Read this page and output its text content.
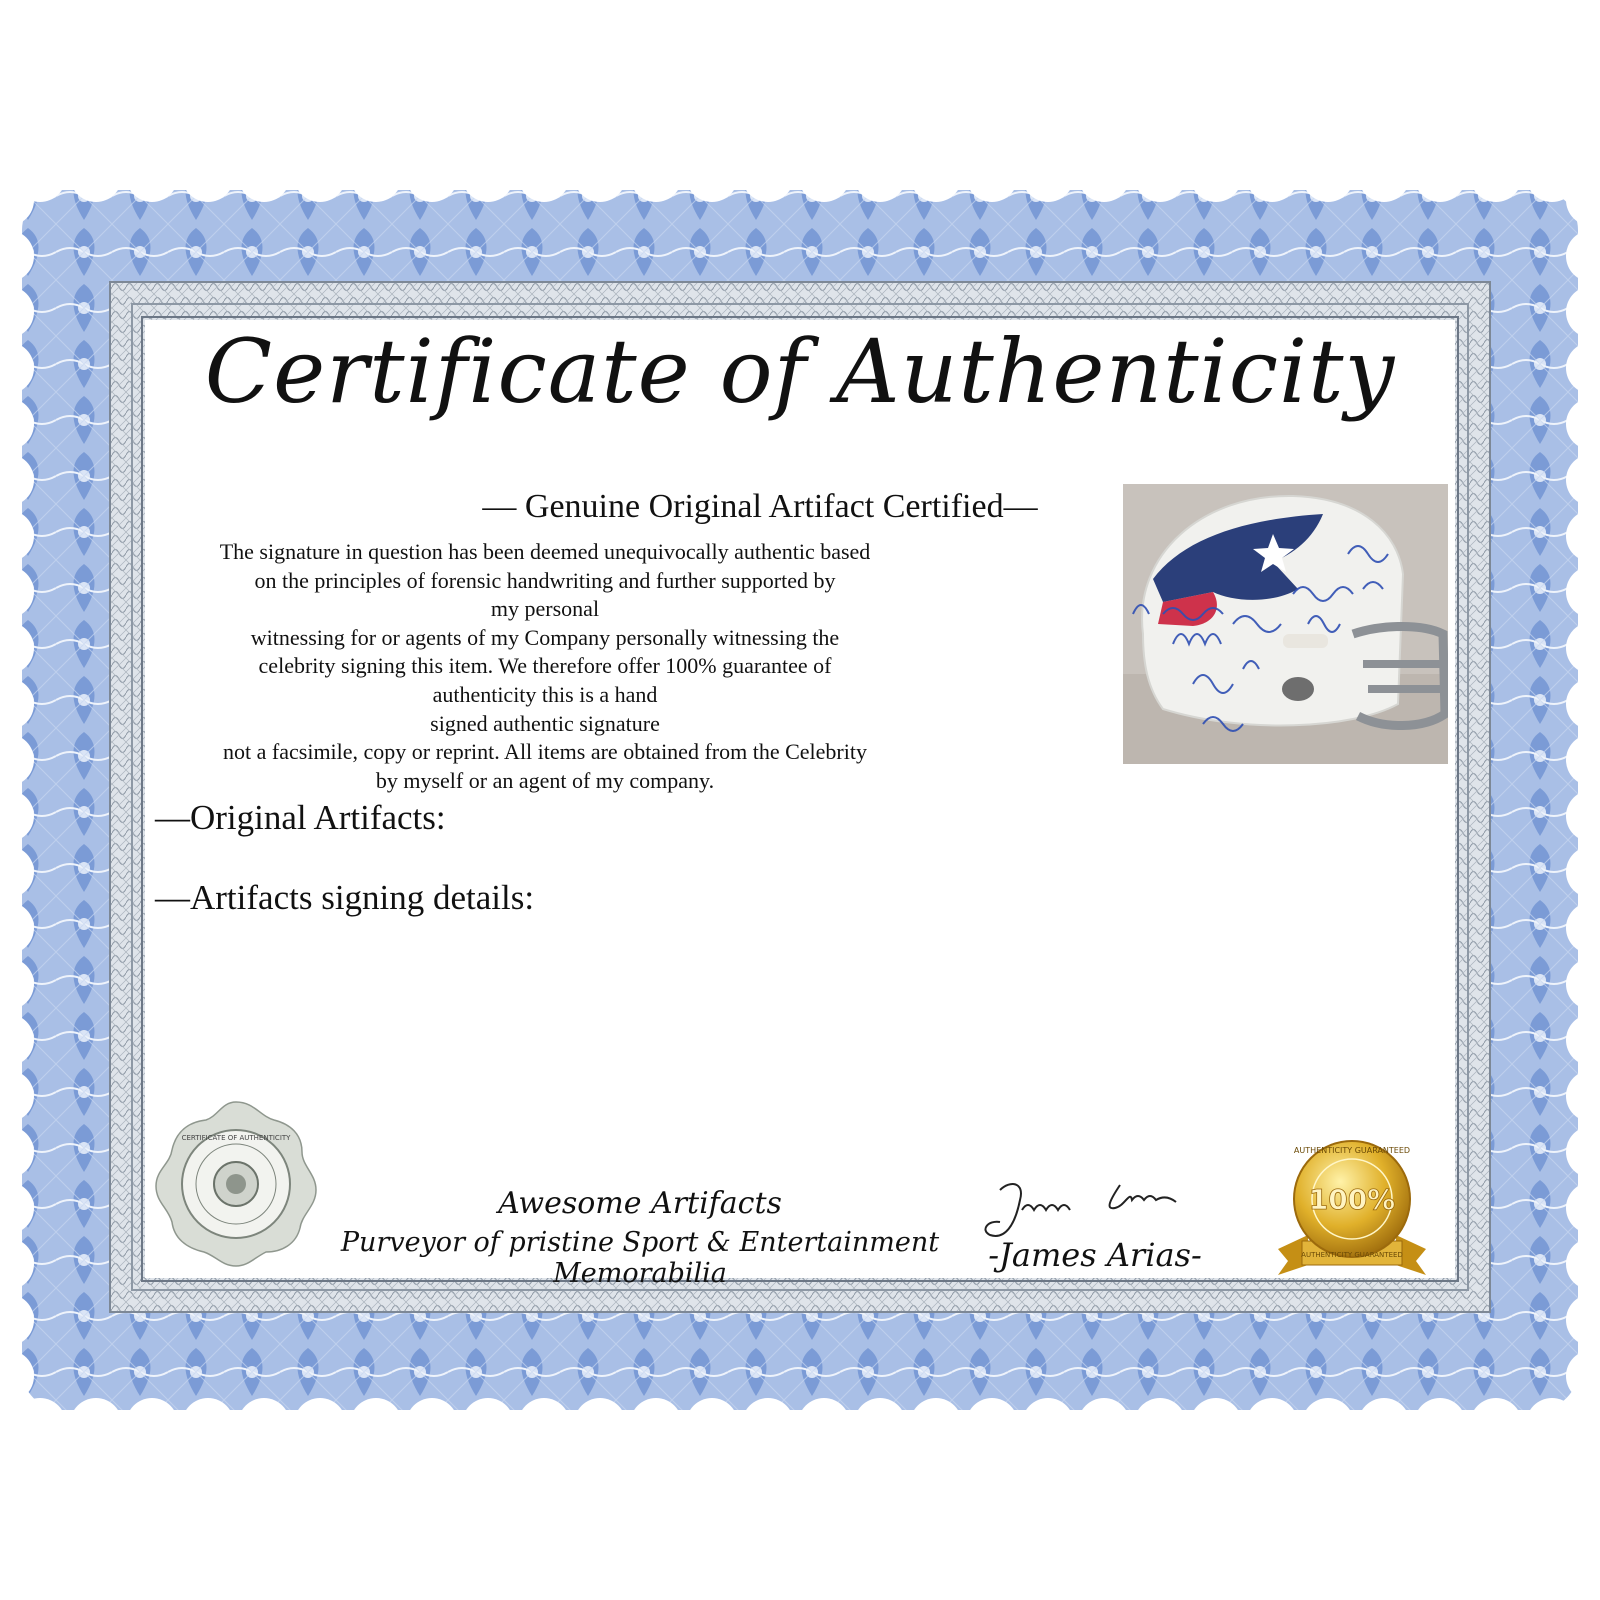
Certificate of Authenticity
— Genuine Original Artifact Certified—
The signature in question has been deemed unequivocally authentic based
on the principles of forensic handwriting and further supported by
my personal
witnessing for or agents of my Company personally witnessing the
celebrity signing this item. We therefore offer 100% guarantee of
authenticity this is a hand
signed authentic signature
not a facsimile, copy or reprint. All items are obtained from the Celebrity
by myself or an agent of my company.
—Original Artifacts:
—Artifacts signing details:
CERTIFICATE OF AUTHENTICITY
Awesome Artifacts
Purveyor of pristine Sport & Entertainment Memorabilia	-James Arias-
100%
AUTHENTICITY GUARANTEED
AUTHENTICITY GUARANTEED
